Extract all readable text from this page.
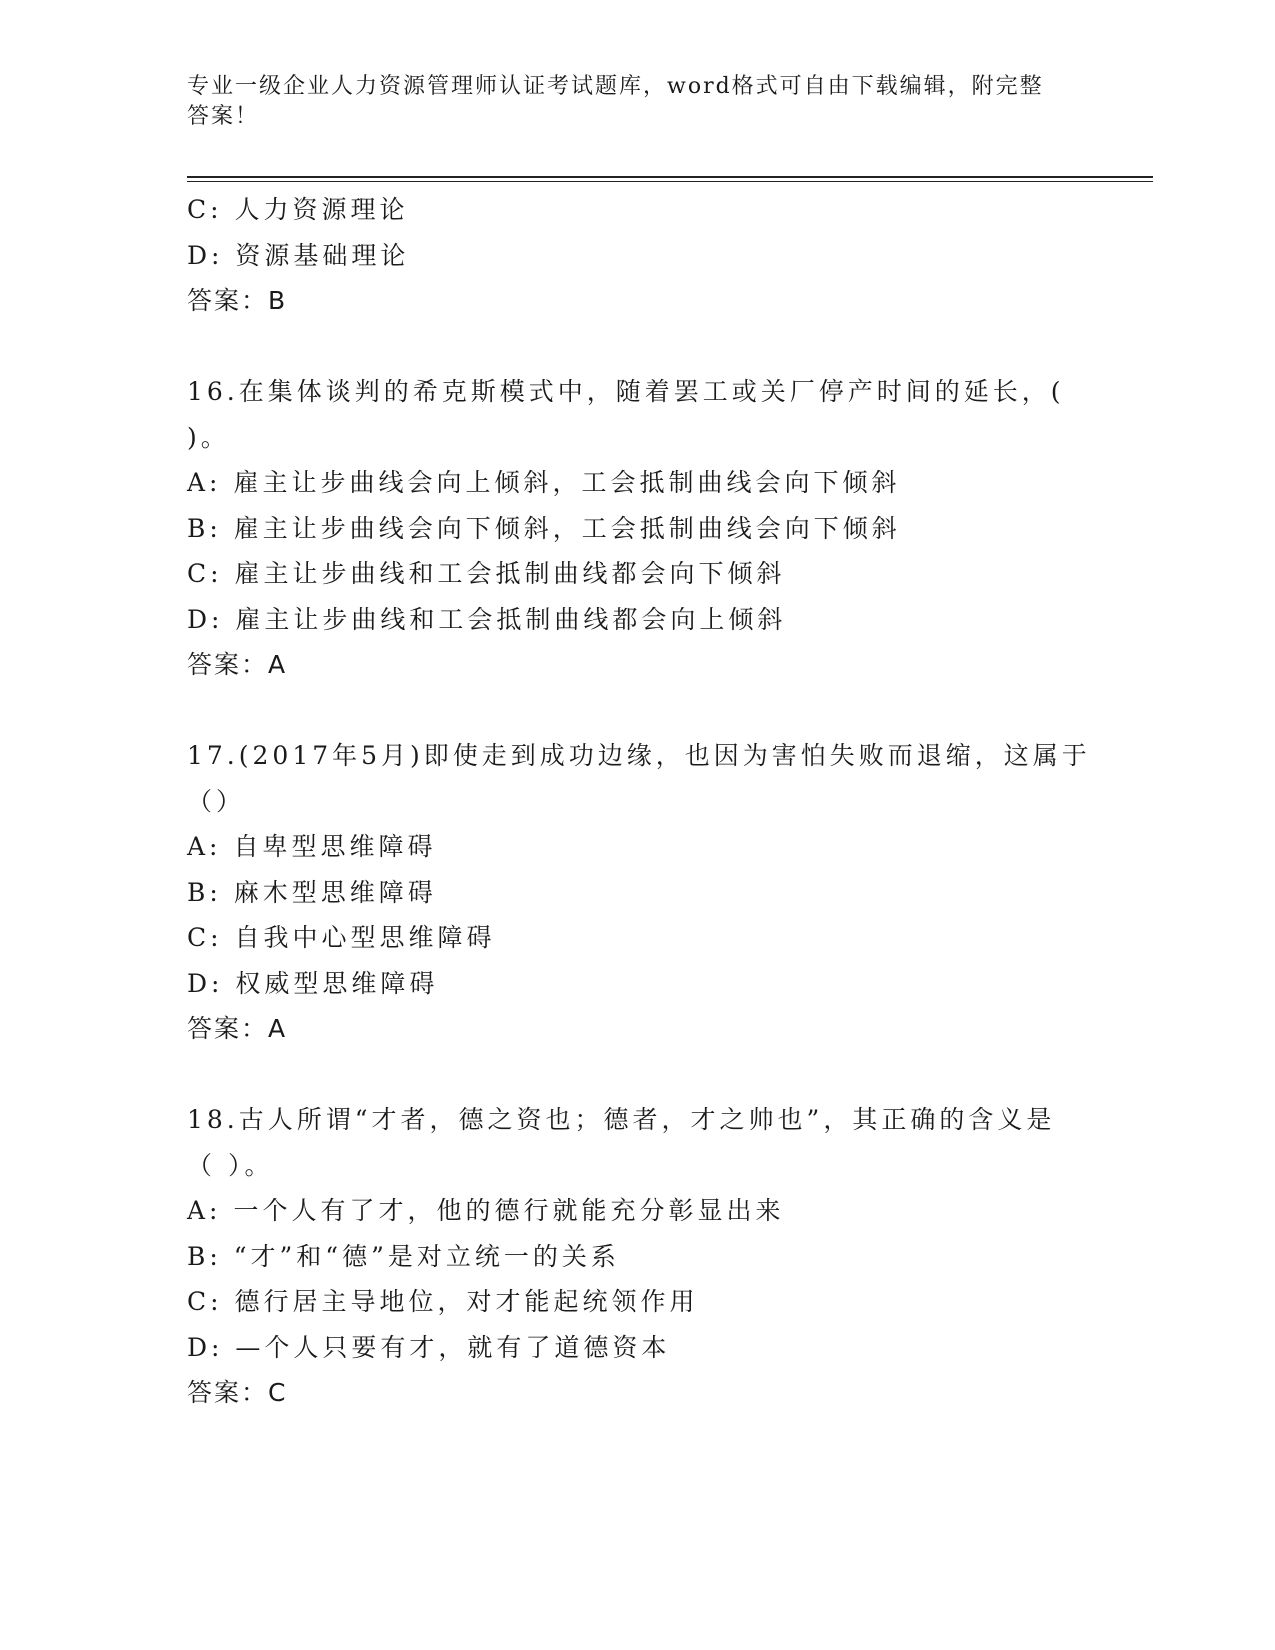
专业一级企业人力资源管理师认证考试题库，word格式可自由下载编辑，附完整答案！
C: 人力资源理论
D: 资源基础理论
答案：B
16.在集体谈判的希克斯模式中，随着罢工或关厂停产时间的延长，(
)。
A: 雇主让步曲线会向上倾斜，工会抵制曲线会向下倾斜
B: 雇主让步曲线会向下倾斜，工会抵制曲线会向下倾斜
C: 雇主让步曲线和工会抵制曲线都会向下倾斜
D: 雇主让步曲线和工会抵制曲线都会向上倾斜
答案：A
17.(2017年5月)即使走到成功边缘，也因为害怕失败而退缩，这属于
（）
A: 自卑型思维障碍
B: 麻木型思维障碍
C: 自我中心型思维障碍
D: 权威型思维障碍
答案：A
18.古人所谓“才者，德之资也；德者，才之帅也”，其正确的含义是
（ ）。
A: 一个人有了才，他的德行就能充分彰显出来
B: “才”和“德”是对立统一的关系
C: 德行居主导地位，对才能起统领作用
D: —个人只要有才，就有了道德资本
答案：C
